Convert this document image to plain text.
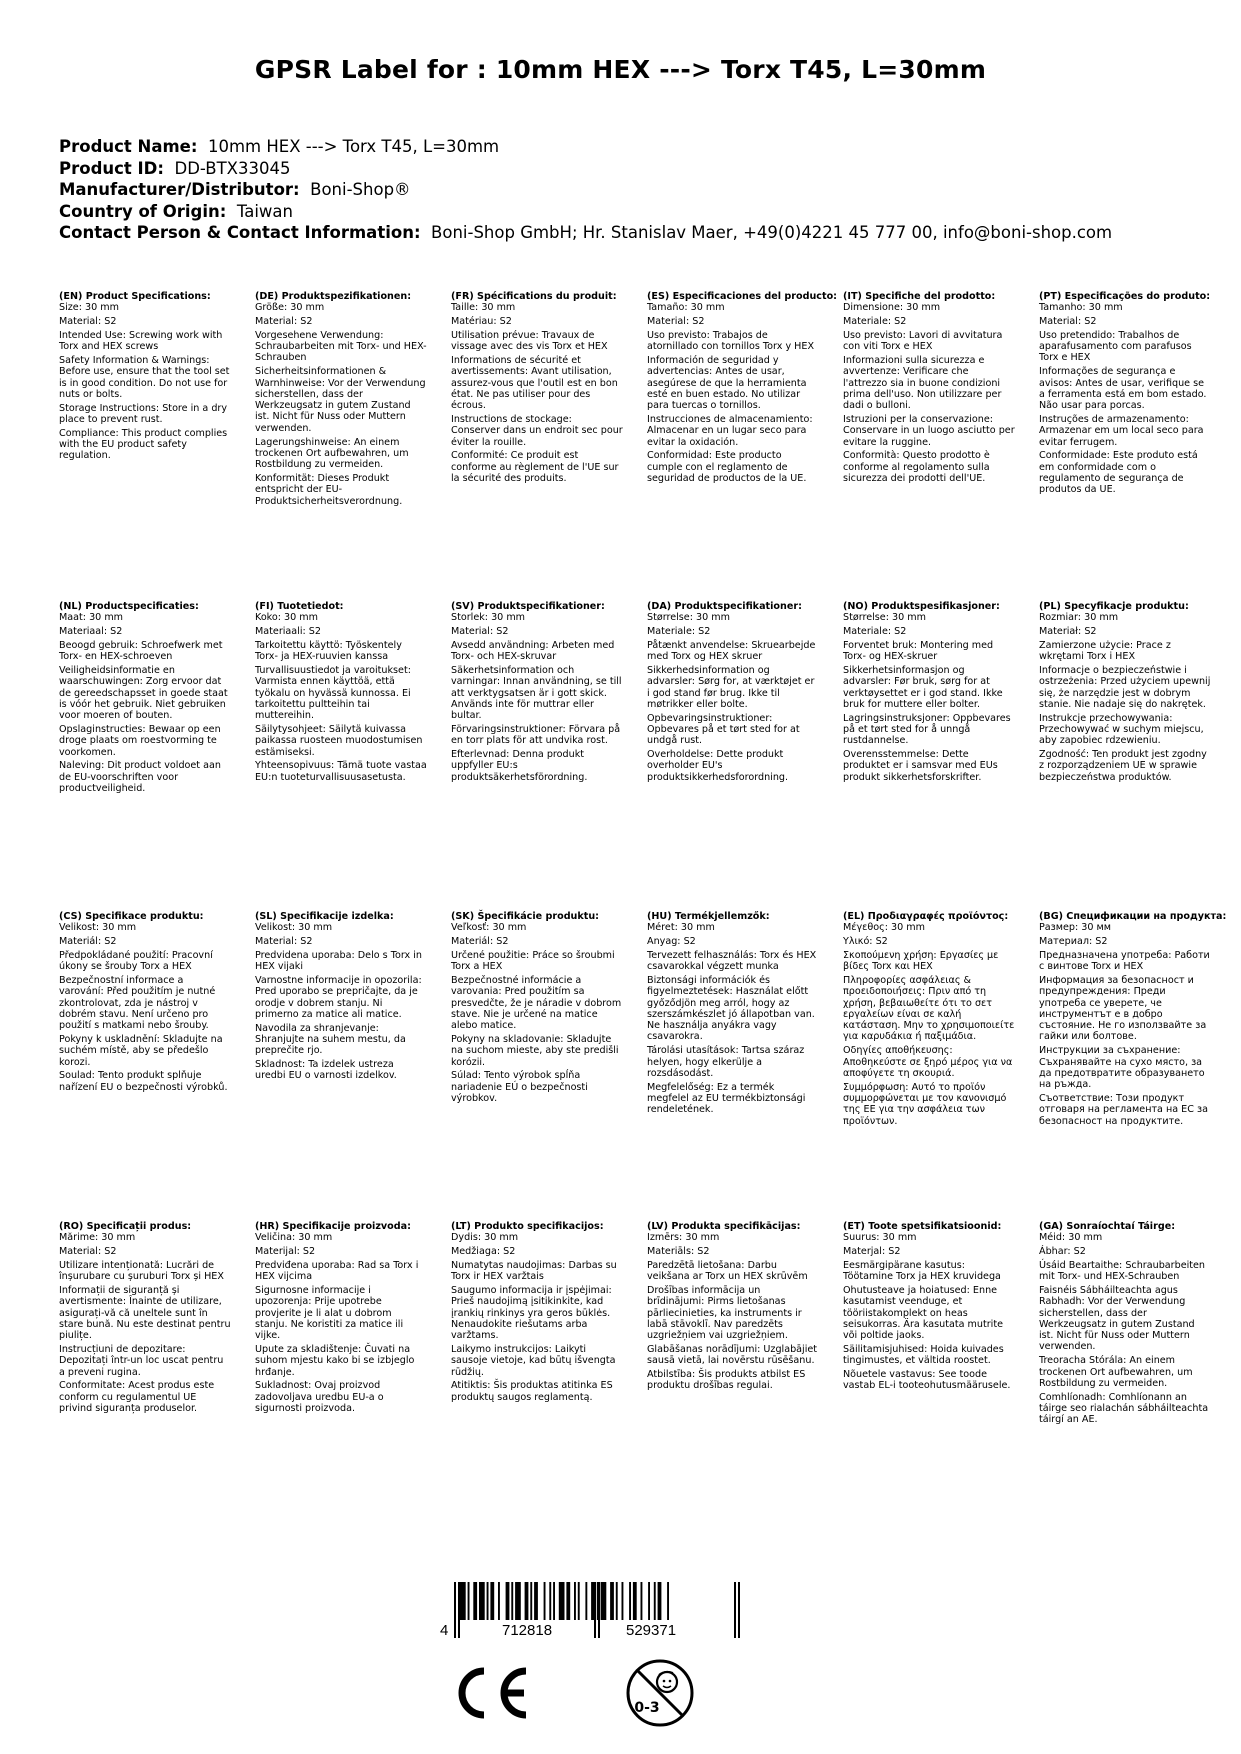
GPSR Label for : 10mm HEX ---> Torx T45, L=30mm
Product Name: 10mm HEX ---> Torx T45, L=30mm
Product ID: DD-BTX33045
Manufacturer/Distributor: Boni-Shop®
Country of Origin: Taiwan
Contact Person & Contact Information: Boni-Shop GmbH; Hr. Stanislav Maer, +49(0)4221 45 777 00, info@boni-shop.com
(EN) Product Specifications:
Size: 30 mm
Material: S2
Intended Use: Screwing work with Torx and HEX screws
Safety Information & Warnings: Before use, ensure that the tool set is in good condition. Do not use for nuts or bolts.
Storage Instructions: Store in a dry place to prevent rust.
Compliance: This product complies with the EU product safety regulation.
(DE) Produktspezifikationen:
Größe: 30 mm
Material: S2
Vorgesehene Verwendung: Schraubarbeiten mit Torx- und HEX-Schrauben
Sicherheitsinformationen & Warnhinweise: Vor der Verwendung sicherstellen, dass der Werkzeugsatz in gutem Zustand ist. Nicht für Nuss oder Muttern verwenden.
Lagerungshinweise: An einem trockenen Ort aufbewahren, um Rostbildung zu vermeiden.
Konformität: Dieses Produkt entspricht der EU-Produktsicherheitsverordnung.
(FR) Spécifications du produit:
Taille: 30 mm
Matériau: S2
Utilisation prévue: Travaux de vissage avec des vis Torx et HEX
Informations de sécurité et avertissements: Avant utilisation, assurez-vous que l'outil est en bon état. Ne pas utiliser pour des écrous.
Instructions de stockage: Conserver dans un endroit sec pour éviter la rouille.
Conformité: Ce produit est conforme au règlement de l'UE sur la sécurité des produits.
(ES) Especificaciones del producto:
Tamaño: 30 mm
Material: S2
Uso previsto: Trabajos de atornillado con tornillos Torx y HEX
Información de seguridad y advertencias: Antes de usar, asegúrese de que la herramienta esté en buen estado. No utilizar para tuercas o tornillos.
Instrucciones de almacenamiento: Almacenar en un lugar seco para evitar la oxidación.
Conformidad: Este producto cumple con el reglamento de seguridad de productos de la UE.
(IT) Specifiche del prodotto:
Dimensione: 30 mm
Materiale: S2
Uso previsto: Lavori di avvitatura con viti Torx e HEX
Informazioni sulla sicurezza e avvertenze: Verificare che l'attrezzo sia in buone condizioni prima dell'uso. Non utilizzare per dadi o bulloni.
Istruzioni per la conservazione: Conservare in un luogo asciutto per evitare la ruggine.
Conformità: Questo prodotto è conforme al regolamento sulla sicurezza dei prodotti dell'UE.
(PT) Especificações do produto:
Tamanho: 30 mm
Material: S2
Uso pretendido: Trabalhos de aparafusamento com parafusos Torx e HEX
Informações de segurança e avisos: Antes de usar, verifique se a ferramenta está em bom estado. Não usar para porcas.
Instruções de armazenamento: Armazenar em um local seco para evitar ferrugem.
Conformidade: Este produto está em conformidade com o regulamento de segurança de produtos da UE.
(NL) Productspecificaties:
Maat: 30 mm
Materiaal: S2
Beoogd gebruik: Schroefwerk met Torx- en HEX-schroeven
Veiligheidsinformatie en waarschuwingen: Zorg ervoor dat de gereedschapsset in goede staat is vóór het gebruik. Niet gebruiken voor moeren of bouten.
Opslaginstructies: Bewaar op een droge plaats om roestvorming te voorkomen.
Naleving: Dit product voldoet aan de EU-voorschriften voor productveiligheid.
(FI) Tuotetiedot:
Koko: 30 mm
Materiaali: S2
Tarkoitettu käyttö: Työskentely Torx- ja HEX-ruuvien kanssa
Turvallisuustiedot ja varoitukset: Varmista ennen käyttöä, että työkalu on hyvässä kunnossa. Ei tarkoitettu pultteihin tai muttereihin.
Säilytysohjeet: Säilytä kuivassa paikassa ruosteen muodostumisen estämiseksi.
Yhteensopivuus: Tämä tuote vastaa EU:n tuoteturvallisuusasetusta.
(SV) Produktspecifikationer:
Storlek: 30 mm
Material: S2
Avsedd användning: Arbeten med Torx- och HEX-skruvar
Säkerhetsinformation och varningar: Innan användning, se till att verktygsatsen är i gott skick. Används inte för muttrar eller bultar.
Förvaringsinstruktioner: Förvara på en torr plats för att undvika rost.
Efterlevnad: Denna produkt uppfyller EU:s produktsäkerhetsförordning.
(DA) Produktspecifikationer:
Størrelse: 30 mm
Materiale: S2
Påtænkt anvendelse: Skruearbejde med Torx og HEX skruer
Sikkerhedsinformation og advarsler: Sørg for, at værktøjet er i god stand før brug. Ikke til møtrikker eller bolte.
Opbevaringsinstruktioner: Opbevares på et tørt sted for at undgå rust.
Overholdelse: Dette produkt overholder EU's produktsikkerhedsforordning.
(NO) Produktspesifikasjoner:
Størrelse: 30 mm
Materiale: S2
Forventet bruk: Montering med Torx- og HEX-skruer
Sikkerhetsinformasjon og advarsler: Før bruk, sørg for at verktøysettet er i god stand. Ikke bruk for muttere eller bolter.
Lagringsinstruksjoner: Oppbevares på et tørt sted for å unngå rustdannelse.
Overensstemmelse: Dette produktet er i samsvar med EUs produkt sikkerhetsforskrifter.
(PL) Specyfikacje produktu:
Rozmiar: 30 mm
Materiał: S2
Zamierzone użycie: Prace z wkrętami Torx i HEX
Informacje o bezpieczeństwie i ostrzeżenia: Przed użyciem upewnij się, że narzędzie jest w dobrym stanie. Nie nadaje się do nakrętek.
Instrukcje przechowywania: Przechowywać w suchym miejscu, aby zapobiec rdzewieniu.
Zgodność: Ten produkt jest zgodny z rozporządzeniem UE w sprawie bezpieczeństwa produktów.
(CS) Specifikace produktu:
Velikost: 30 mm
Materiál: S2
Předpokládané použití: Pracovní úkony se šrouby Torx a HEX
Bezpečnostní informace a varování: Před použitím je nutné zkontrolovat, zda je nástroj v dobrém stavu. Není určeno pro použití s matkami nebo šrouby.
Pokyny k uskladnění: Skladujte na suchém místě, aby se předešlo korozi.
Soulad: Tento produkt splňuje nařízení EU o bezpečnosti výrobků.
(SL) Specifikacije izdelka:
Velikost: 30 mm
Material: S2
Predvidena uporaba: Delo s Torx in HEX vijaki
Varnostne informacije in opozorila: Pred uporabo se prepričajte, da je orodje v dobrem stanju. Ni primerno za matice ali matice.
Navodila za shranjevanje: Shranjujte na suhem mestu, da preprečite rjo.
Skladnost: Ta izdelek ustreza uredbi EU o varnosti izdelkov.
(SK) Špecifikácie produktu:
Veľkosť: 30 mm
Materiál: S2
Určené použitie: Práce so šroubmi Torx a HEX
Bezpečnostné informácie a varovania: Pred použitím sa presvedčte, že je náradie v dobrom stave. Nie je určené na matice alebo matice.
Pokyny na skladovanie: Skladujte na suchom mieste, aby ste predišli korózii.
Súlad: Tento výrobok spĺňa nariadenie EÚ o bezpečnosti výrobkov.
(HU) Termékjellemzők:
Méret: 30 mm
Anyag: S2
Tervezett felhasználás: Torx és HEX csavarokkal végzett munka
Biztonsági információk és figyelmeztetések: Használat előtt győződjön meg arról, hogy az szerszámkészlet jó állapotban van. Ne használja anyákra vagy csavarokra.
Tárolási utasítások: Tartsa száraz helyen, hogy elkerülje a rozsdásodást.
Megfelelőség: Ez a termék megfelel az EU termékbiztonsági rendeletének.
(EL) Προδιαγραφές προϊόντος:
Μέγεθος: 30 mm
Υλικό: S2
Σκοπούμενη χρήση: Εργασίες με βίδες Torx και HEX
Πληροφορίες ασφάλειας & προειδοποιήσεις: Πριν από τη χρήση, βεβαιωθείτε ότι το σετ εργαλείων είναι σε καλή κατάσταση. Μην το χρησιμοποιείτε για καρυδάκια ή παξιμάδια.
Οδηγίες αποθήκευσης: Αποθηκεύστε σε ξηρό μέρος για να αποφύγετε τη σκουριά.
Συμμόρφωση: Αυτό το προϊόν συμμορφώνεται με τον κανονισμό της ΕΕ για την ασφάλεια των προϊόντων.
(BG) Спецификации на продукта:
Размер: 30 мм
Материал: S2
Предназначена употреба: Работи с винтове Torx и HEX
Информация за безопасност и предупреждения: Преди употреба се уверете, че инструментът е в добро състояние. Не го използвайте за гайки или болтове.
Инструкции за съхранение: Съхранявайте на сухо място, за да предотвратите образуването на ръжда.
Съответствие: Този продукт отговаря на регламента на ЕС за безопасност на продуктите.
(RO) Specificații produs:
Mărime: 30 mm
Material: S2
Utilizare intenționată: Lucrări de înșurubare cu șuruburi Torx și HEX
Informații de siguranță și avertismente: Înainte de utilizare, asigurați-vă că uneltele sunt în stare bună. Nu este destinat pentru piulițe.
Instrucțiuni de depozitare: Depozitați într-un loc uscat pentru a preveni rugina.
Conformitate: Acest produs este conform cu regulamentul UE privind siguranța produselor.
(HR) Specifikacije proizvoda:
Veličina: 30 mm
Materijal: S2
Predviđena uporaba: Rad sa Torx i HEX vijcima
Sigurnosne informacije i upozorenja: Prije upotrebe provjerite je li alat u dobrom stanju. Ne koristiti za matice ili vijke.
Upute za skladištenje: Čuvati na suhom mjestu kako bi se izbjeglo hrđanje.
Sukladnost: Ovaj proizvod zadovoljava uredbu EU-a o sigurnosti proizvoda.
(LT) Produkto specifikacijos:
Dydis: 30 mm
Medžiaga: S2
Numatytas naudojimas: Darbas su Torx ir HEX varžtais
Saugumo informacija ir įspėjimai: Prieš naudojimą įsitikinkite, kad įrankių rinkinys yra geros būklės. Nenaudokite riešutams arba varžtams.
Laikymo instrukcijos: Laikyti sausoje vietoje, kad būtų išvengta rūdžių.
Atitiktis: Šis produktas atitinka ES produktų saugos reglamentą.
(LV) Produkta specifikācijas:
Izmērs: 30 mm
Materiāls: S2
Paredzētā lietošana: Darbu veikšana ar Torx un HEX skrūvēm
Drošības informācija un brīdinājumi: Pirms lietošanas pārliecinieties, ka instruments ir labā stāvoklī. Nav paredzēts uzgriežņiem vai uzgriežņiem.
Glabāšanas norādījumi: Uzglabājiet sausā vietā, lai novērstu rūsēšanu.
Atbilstība: Šis produkts atbilst ES produktu drošības regulai.
(ET) Toote spetsifikatsioonid:
Suurus: 30 mm
Materjal: S2
Eesmärgipärane kasutus: Töötamine Torx ja HEX kruvidega
Ohutusteave ja hoiatused: Enne kasutamist veenduge, et tööriistakomplekt on heas seisukorras. Ära kasutata mutrite või poltide jaoks.
Säilitamisjuhised: Hoida kuivades tingimustes, et vältida roostet.
Nõuetele vastavus: See toode vastab EL-i tooteohutusmäärusele.
(GA) Sonraíochtaí Táirge:
Méid: 30 mm
Ábhar: S2
Úsáid Beartaithe: Schraubarbeiten mit Torx- und HEX-Schrauben
Faisnéis Sábháilteachta agus Rabhadh: Vor der Verwendung sicherstellen, dass der Werkzeugsatz in gutem Zustand ist. Nicht für Nuss oder Muttern verwenden.
Treoracha Stórála: An einem trockenen Ort aufbewahren, um Rostbildung zu vermeiden.
Comhlíonadh: Comhlíonann an táirge seo rialachán sábháilteachta táirgí an AE.
4	712818	529371
0-3
